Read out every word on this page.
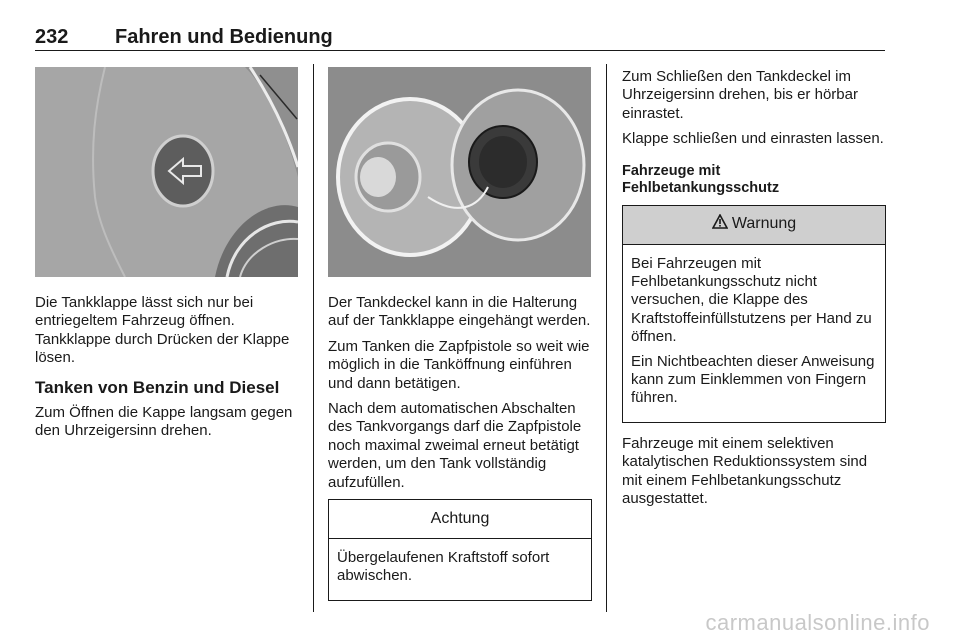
232 Fahren und Bedienung

Die Tankklappe lässt sich nur bei entriegeltem Fahrzeug öffnen. Tankklappe durch Drücken der Klappe lösen.

Tanken von Benzin und Diesel

Zum Öffnen die Kappe langsam gegen den Uhrzeigersinn drehen.

Der Tankdeckel kann in die Halterung auf der Tankklappe eingehängt werden.

Zum Tanken die Zapfpistole so weit wie möglich in die Tanköffnung einführen und dann betätigen.

Nach dem automatischen Abschalten des Tankvorgangs darf die Zapfpistole noch maximal zweimal erneut betätigt werden, um den Tank vollständig aufzufüllen.

Achtung

Übergelaufenen Kraftstoff sofort abwischen.

Zum Schließen den Tankdeckel im Uhrzeigersinn drehen, bis er hörbar einrastet.

Klappe schließen und einrasten lassen.

Fahrzeuge mit Fehlbetankungsschutz
Warnung

Bei Fahrzeugen mit Fehlbetankungsschutz nicht versuchen, die Klappe des Kraftstoffeinfüllstutzens per Hand zu öffnen.

Ein Nichtbeachten dieser Anweisung kann zum Einklemmen von Fingern führen.

Fahrzeuge mit einem selektiven katalytischen Reduktionssystem sind mit einem Fehlbetankungsschutz ausgestattet.

carmanualsonline.info
